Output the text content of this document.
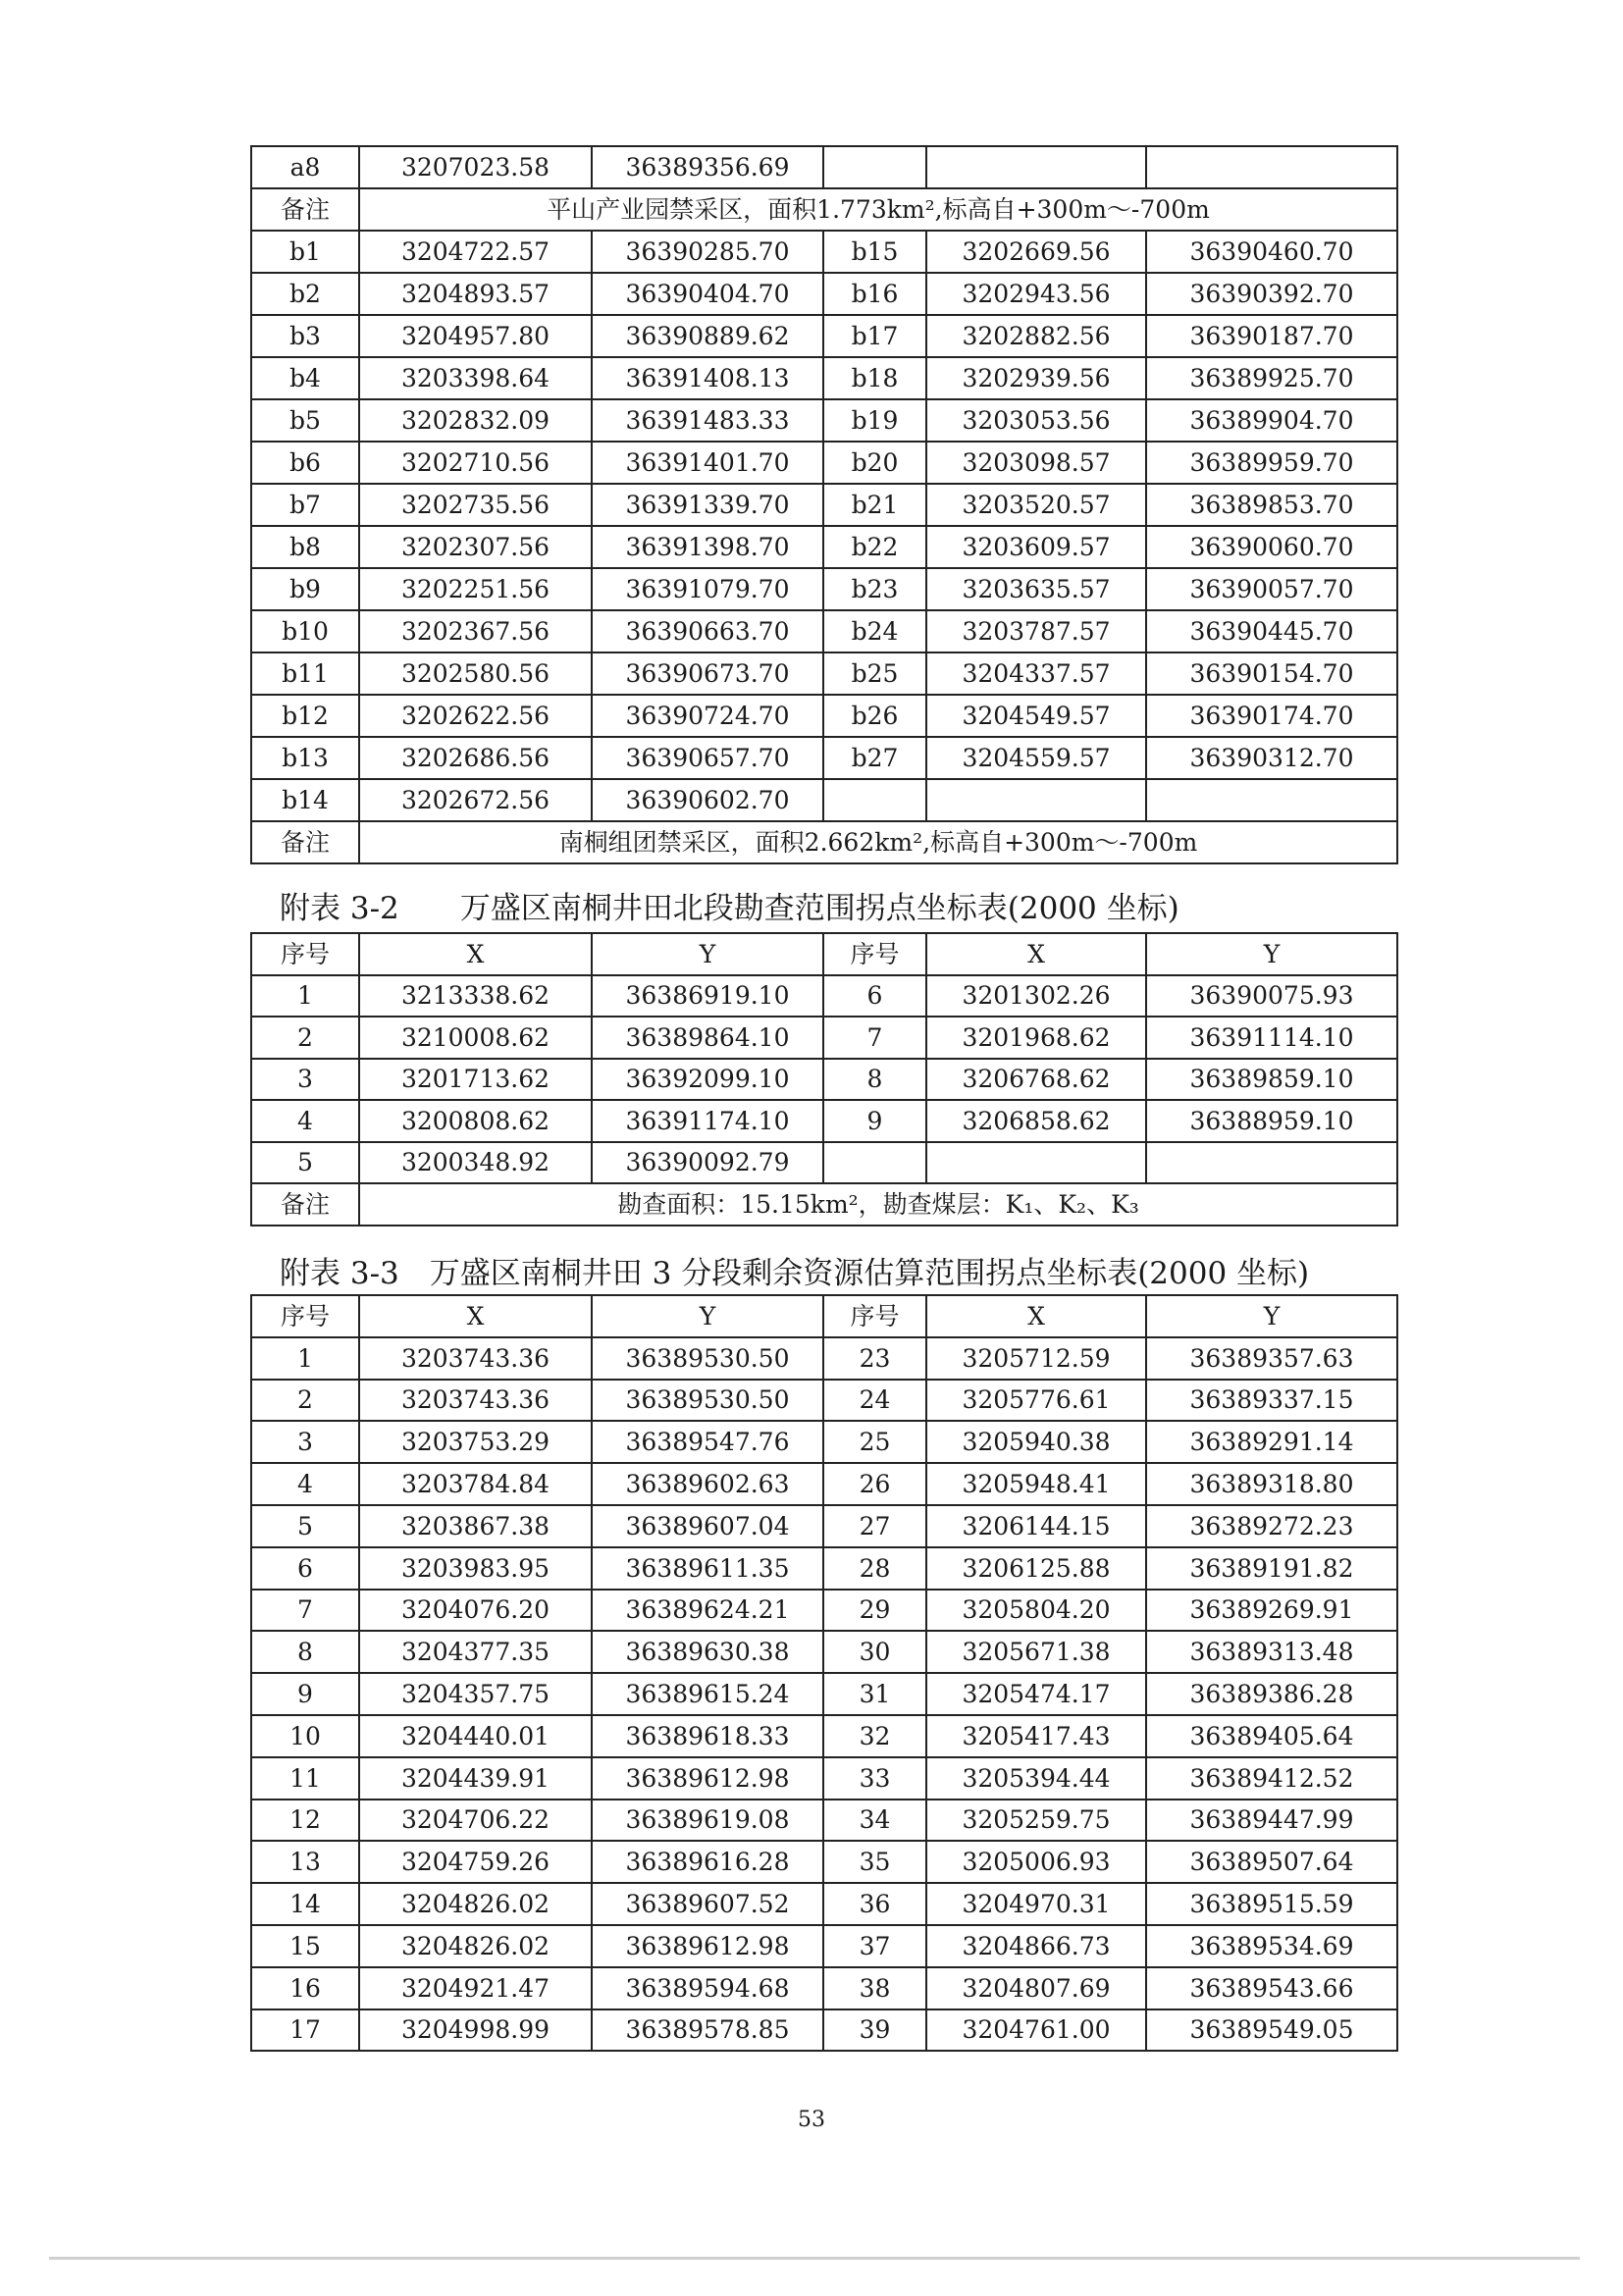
a8	3207023.58	36389356.69			
备注	平山产业园禁采区，面积1.773km²,标高自+300m～-700m				
b1	3204722.57	36390285.70	b15	3202669.56	36390460.70
b2	3204893.57	36390404.70	b16	3202943.56	36390392.70
b3	3204957.80	36390889.62	b17	3202882.56	36390187.70
b4	3203398.64	36391408.13	b18	3202939.56	36389925.70
b5	3202832.09	36391483.33	b19	3203053.56	36389904.70
b6	3202710.56	36391401.70	b20	3203098.57	36389959.70
b7	3202735.56	36391339.70	b21	3203520.57	36389853.70
b8	3202307.56	36391398.70	b22	3203609.57	36390060.70
b9	3202251.56	36391079.70	b23	3203635.57	36390057.70
b10	3202367.56	36390663.70	b24	3203787.57	36390445.70
b11	3202580.56	36390673.70	b25	3204337.57	36390154.70
b12	3202622.56	36390724.70	b26	3204549.57	36390174.70
b13	3202686.56	36390657.70	b27	3204559.57	36390312.70
b14	3202672.56	36390602.70			
备注	南桐组团禁采区，面积2.662km²,标高自+300m～-700m				
附表 3-2　　万盛区南桐井田北段勘查范围拐点坐标表(2000 坐标)
序号	X	Y	序号	X	Y
1	3213338.62	36386919.10	6	3201302.26	36390075.93
2	3210008.62	36389864.10	7	3201968.62	36391114.10
3	3201713.62	36392099.10	8	3206768.62	36389859.10
4	3200808.62	36391174.10	9	3206858.62	36388959.10
5	3200348.92	36390092.79			
备注	勘查面积：15.15km²，勘查煤层：K₁、K₂、K₃				
附表 3-3　万盛区南桐井田 3 分段剩余资源估算范围拐点坐标表(2000 坐标)
序号	X	Y	序号	X	Y
1	3203743.36	36389530.50	23	3205712.59	36389357.63
2	3203743.36	36389530.50	24	3205776.61	36389337.15
3	3203753.29	36389547.76	25	3205940.38	36389291.14
4	3203784.84	36389602.63	26	3205948.41	36389318.80
5	3203867.38	36389607.04	27	3206144.15	36389272.23
6	3203983.95	36389611.35	28	3206125.88	36389191.82
7	3204076.20	36389624.21	29	3205804.20	36389269.91
8	3204377.35	36389630.38	30	3205671.38	36389313.48
9	3204357.75	36389615.24	31	3205474.17	36389386.28
10	3204440.01	36389618.33	32	3205417.43	36389405.64
11	3204439.91	36389612.98	33	3205394.44	36389412.52
12	3204706.22	36389619.08	34	3205259.75	36389447.99
13	3204759.26	36389616.28	35	3205006.93	36389507.64
14	3204826.02	36389607.52	36	3204970.31	36389515.59
15	3204826.02	36389612.98	37	3204866.73	36389534.69
16	3204921.47	36389594.68	38	3204807.69	36389543.66
17	3204998.99	36389578.85	39	3204761.00	36389549.05
53
